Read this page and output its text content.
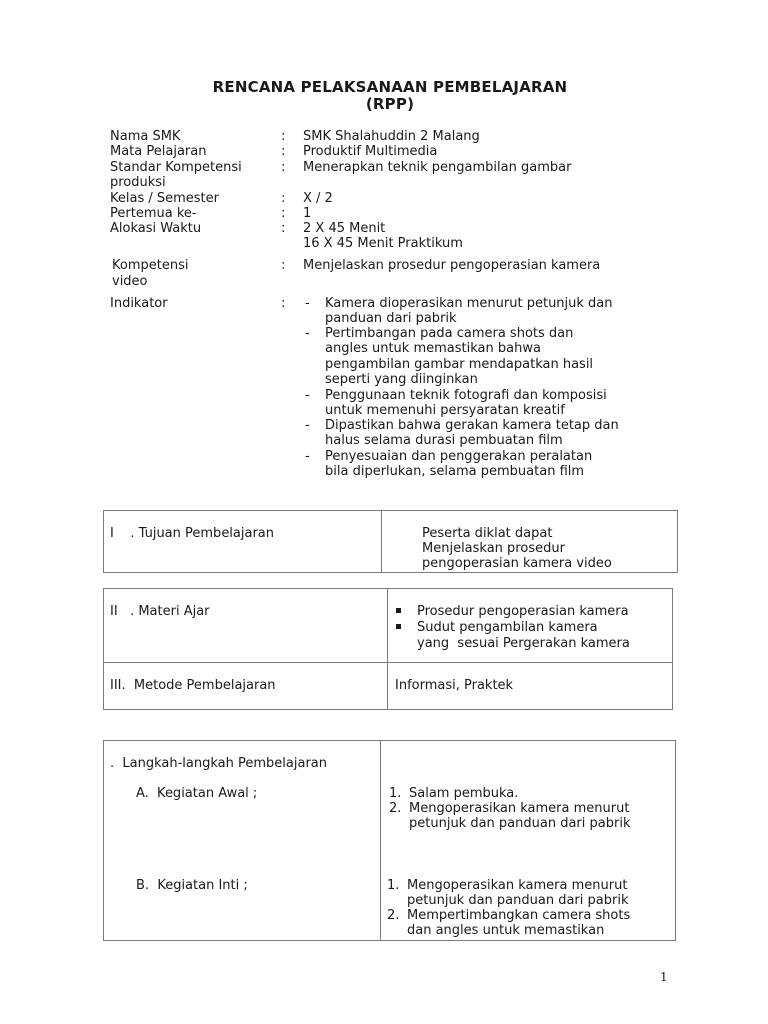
RENCANA PELAKSANAAN PEMBELAJARAN
(RPP)
Nama SMK	: SMK Shalahuddin 2 Malang
Mata Pelajaran	: Produktif Multimedia
Standar Kompetensi	: Menerapkan teknik pengambilan gambar
produksi
Kelas / Semester	: X / 2
Pertemua ke-	: 1
Alokasi Waktu	: 2 X 45 Menit
16 X 45 Menit Praktikum
Kompetensi	: Menjelaskan prosedur pengoperasian kamera
video
Indikator	: - Kamera dioperasikan menurut petunjuk dan
panduan dari pabrik
- Pertimbangan pada camera shots dan
angles untuk memastikan bahwa
pengambilan gambar mendapatkan hasil
seperti yang diinginkan
- Penggunaan teknik fotografi dan komposisi
untuk memenuhi persyaratan kreatif
- Dipastikan bahwa gerakan kamera tetap dan
halus selama durasi pembuatan film
- Penyesuaian dan penggerakan peralatan
bila diperlukan, selama pembuatan film
I    . Tujuan Pembelajaran	Peserta diklat dapat
Menjelaskan prosedur
pengoperasian kamera video
II   . Materi Ajar	Prosedur pengoperasian kamera
Sudut pengambilan kamera
yang  sesuai Pergerakan kamera
III.  Metode Pembelajaran	Informasi, Praktek
.  Langkah-langkah Pembelajaran
A.  Kegiatan Awal ;	1. Salam pembuka.
2. Mengoperasikan kamera menurut
petunjuk dan panduan dari pabrik
B.  Kegiatan Inti ;	1. Mengoperasikan kamera menurut
petunjuk dan panduan dari pabrik
2. Mempertimbangkan camera shots
dan angles untuk memastikan
1
